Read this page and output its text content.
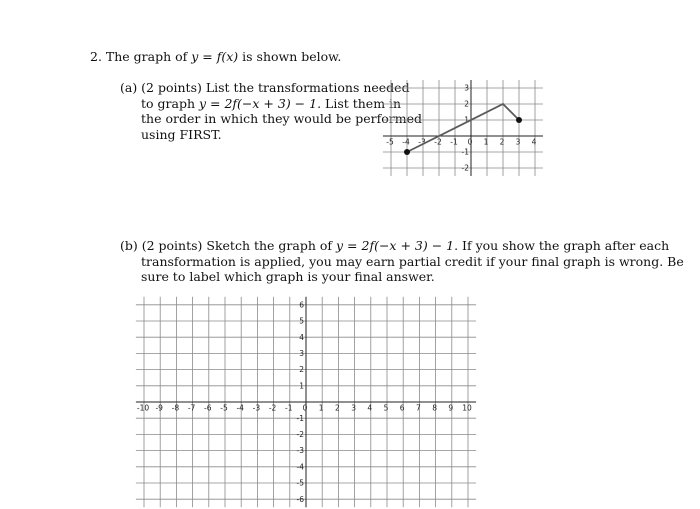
2. The graph of y = f(x) is shown below.
(a) (2 points) List the transformations needed
to graph y = 2f(−x + 3) − 1. List them in
the order in which they would be performed
using FIRST.
(b) (2 points) Sketch the graph of y = 2f(−x + 3) − 1. If you show the graph after each
transformation is applied, you may earn partial credit if your final graph is wrong. Be
sure to label which graph is your final answer.
-5 -4 -3 -2 -1 0 1 2 3 4
3
2
1
-1
-2
-10 -9 -8 -7 -6 -5 -4 -3 -2 -1 0 1 2 3 4 5 6 7 8 9 10
6
5
4
3
2
1
-1
-2
-3
-4
-5
-6
